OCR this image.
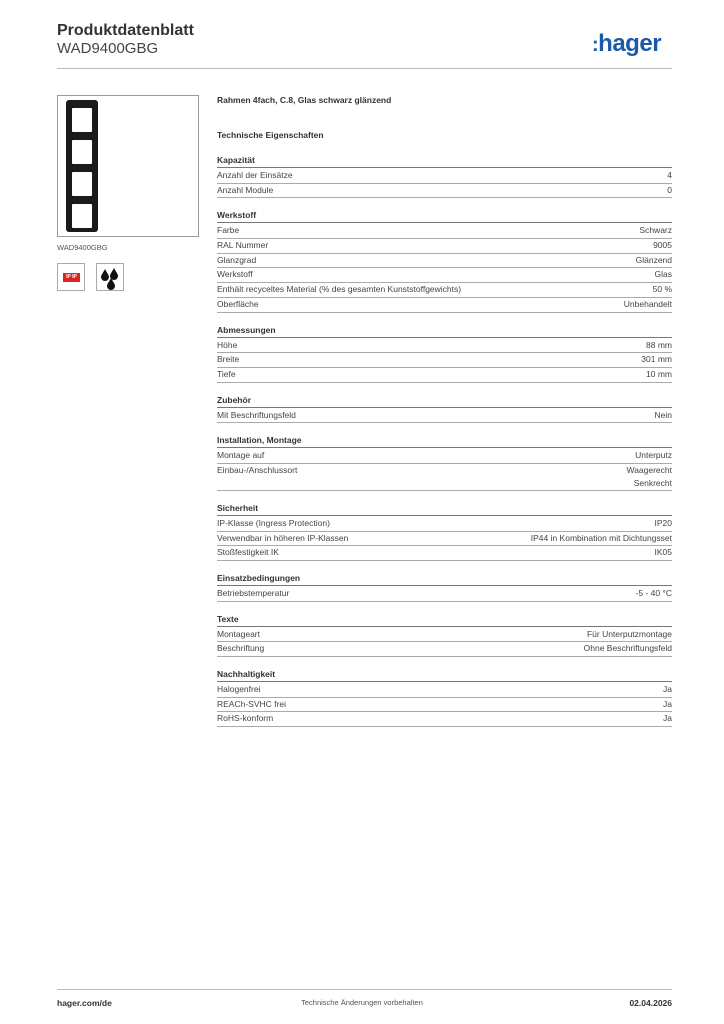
Produktdatenblatt
WAD9400GBG	:hager
WAD9400GBG
IP IP
Rahmen 4fach, C.8, Glas schwarz glänzend
Technische Eigenschaften
Kapazität
Anzahl der Einsätze	4
Anzahl Module	0
Werkstoff
Farbe	Schwarz
RAL Nummer	9005
Glanzgrad	Glänzend
Werkstoff	Glas
Enthält recyceltes Material (% des gesamten Kunststoffgewichts)	50 %
Oberfläche	Unbehandelt
Abmessungen
Höhe	88 mm
Breite	301 mm
Tiefe	10 mm
Zubehör
Mit Beschriftungsfeld	Nein
Installation, Montage
Montage auf	Unterputz
Einbau-/Anschlussort	Waagerecht
Senkrecht
Sicherheit
IP-Klasse (Ingress Protection)	IP20
Verwendbar in höheren IP-Klassen	IP44 in Kombination mit Dichtungsset
Stoßfestigkeit IK	IK05
Einsatzbedingungen
Betriebstemperatur	-5 - 40 °C
Texte
Montageart	Für Unterputzmontage
Beschriftung	Ohne Beschriftungsfeld
Nachhaltigkeit
Halogenfrei	Ja
REACh-SVHC frei	Ja
RoHS-konform	Ja
hager.com/de	Technische Änderungen vorbehalten	02.04.2026
